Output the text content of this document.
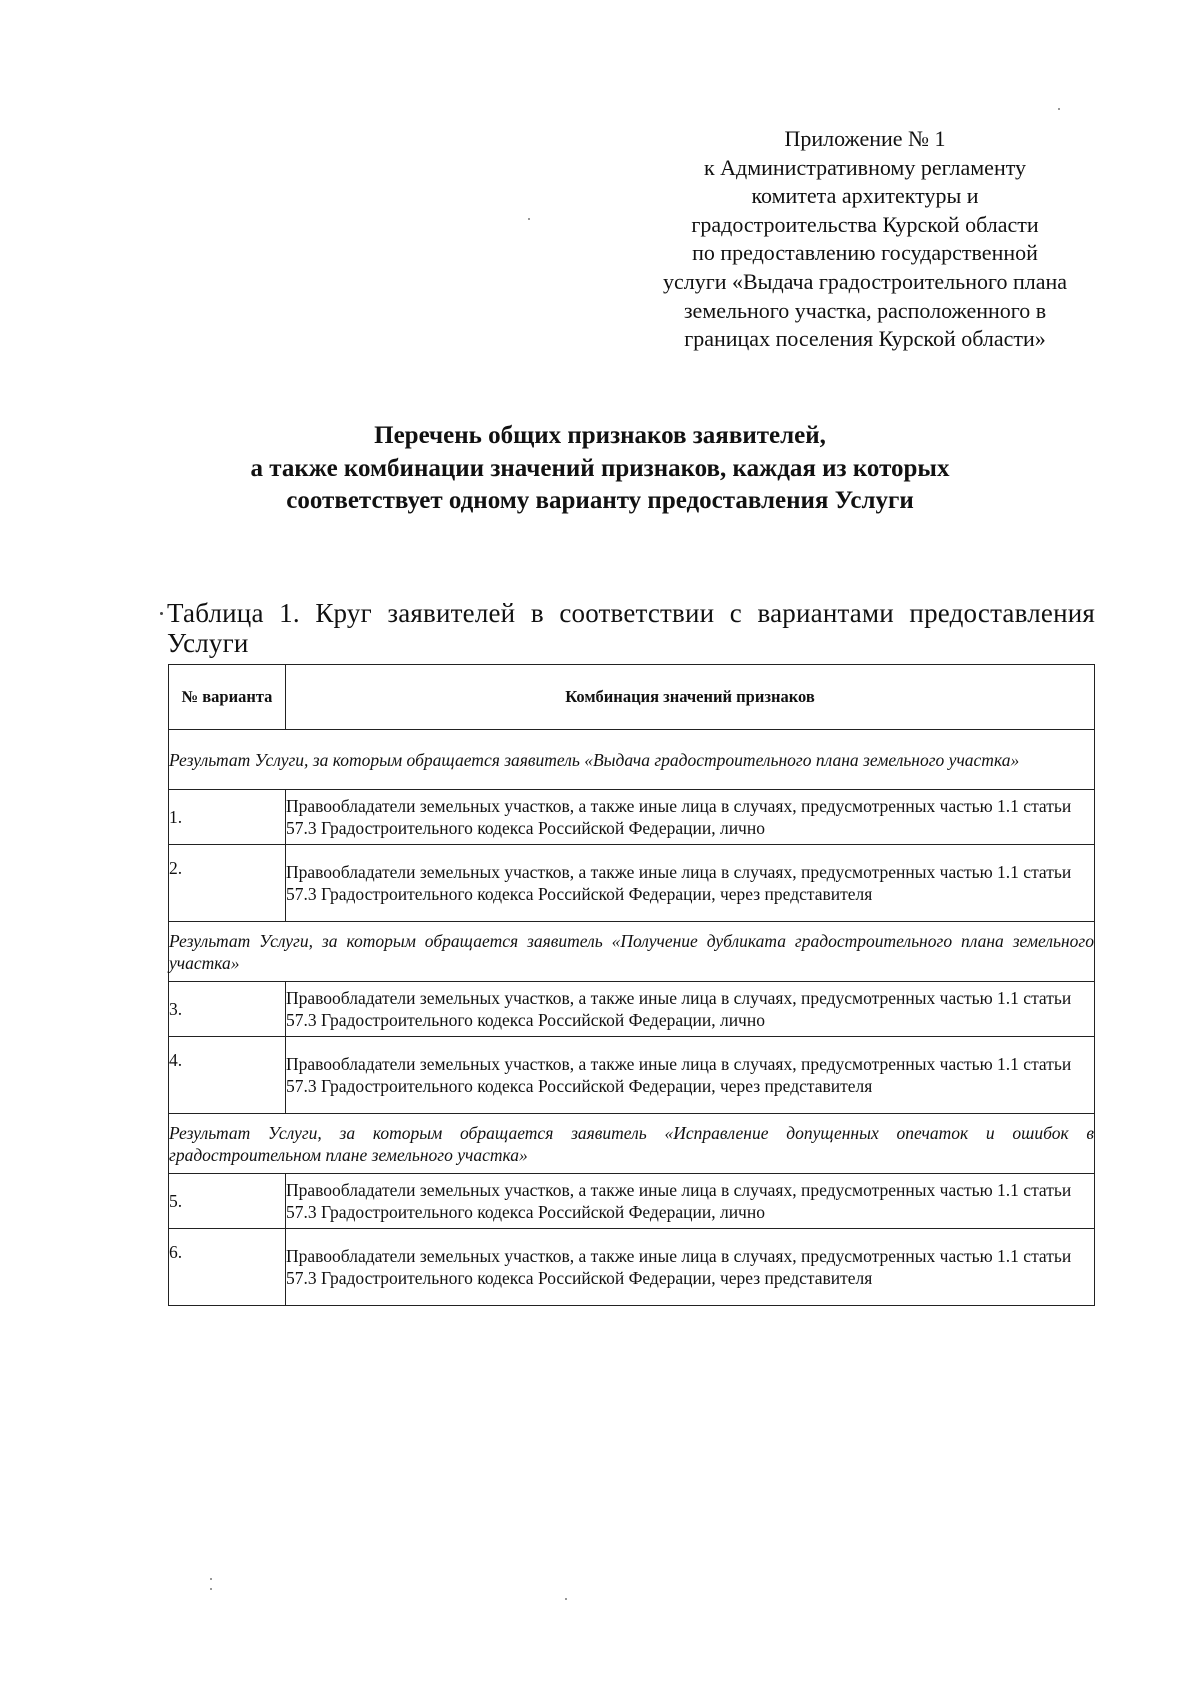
Приложение № 1
к Административному регламенту
комитета архитектуры и
градостроительства Курской области
по предоставлению государственной
услуги «Выдача градостроительного плана
земельного участка, расположенного в
границах поселения Курской области»
Перечень общих признаков заявителей,
а также комбинации значений признаков, каждая из которых
соответствует одному варианту предоставления Услуги
Таблица 1. Круг заявителей в соответствии с вариантами предоставления Услуги
№ варианта	Комбинация значений признаков
Результат Услуги, за которым обращается заявитель «Выдача градостроительного плана земельного участка»	
1.	Правообладатели земельных участков, а также иные лица в случаях, предусмотренных частью 1.1 статьи 57.3 Градостроительного кодекса Российской Федерации, лично
2.	Правообладатели земельных участков, а также иные лица в случаях, предусмотренных частью 1.1 статьи 57.3 Градостроительного кодекса Российской Федерации, через представителя
Результат Услуги, за которым обращается заявитель «Получение дубликата градостроительного плана земельного участка»	
3.	Правообладатели земельных участков, а также иные лица в случаях, предусмотренных частью 1.1 статьи 57.3 Градостроительного кодекса Российской Федерации, лично
4.	Правообладатели земельных участков, а также иные лица в случаях, предусмотренных частью 1.1 статьи 57.3 Градостроительного кодекса Российской Федерации, через представителя
Результат Услуги, за которым обращается заявитель «Исправление допущенных опечаток и ошибок в градостроительном плане земельного участка»	
5.	Правообладатели земельных участков, а также иные лица в случаях, предусмотренных частью 1.1 статьи 57.3 Градостроительного кодекса Российской Федерации, лично
6.	Правообладатели земельных участков, а также иные лица в случаях, предусмотренных частью 1.1 статьи 57.3 Градостроительного кодекса Российской Федерации, через представителя
